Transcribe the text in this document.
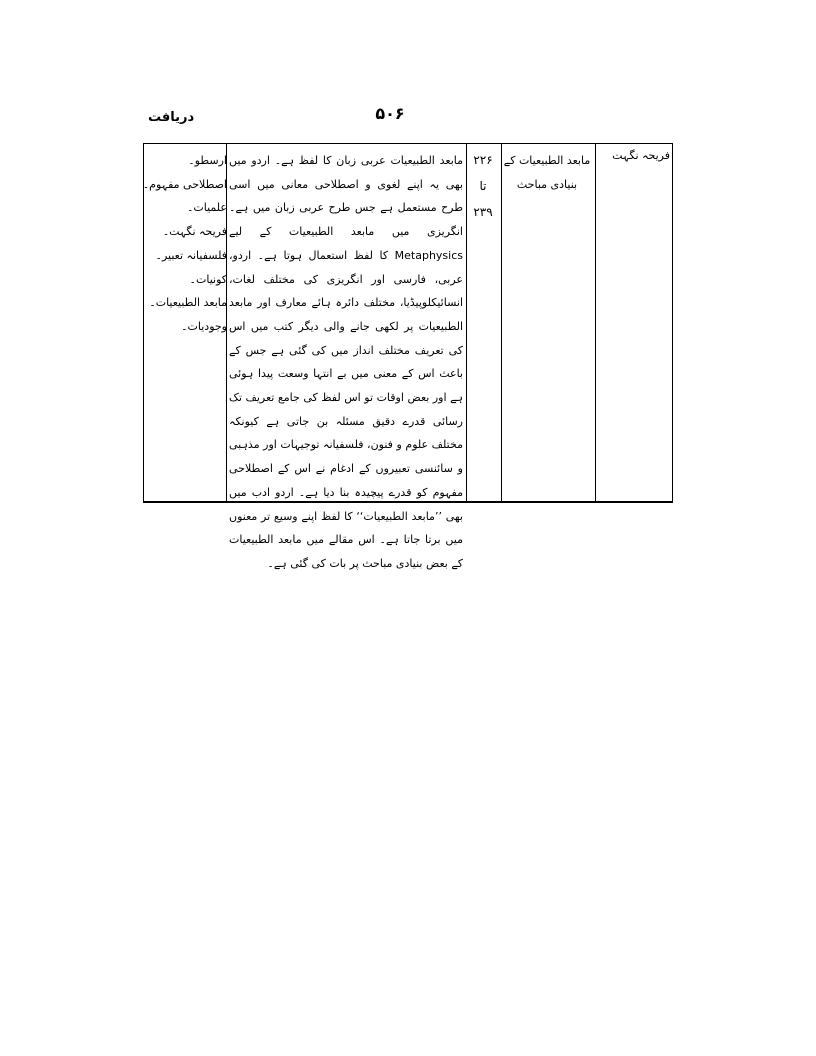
دریافت	۵۰۶
فریحہ نگہت
مابعد الطبیعیات کے بنیادی مباحث
۲۲۶
تا
۲۳۹
مابعد الطبیعیات عربی زبان کا لفظ ہے۔ اردو میں بھی یہ اپنے لغوی و اصطلاحی معانی میں اسی طرح مستعمل ہے جس طرح عربی زبان میں ہے۔ انگریزی میں مابعد الطبیعیات کے لیے Metaphysics کا لفظ استعمال ہوتا ہے۔ اردو، عربی، فارسی اور انگریزی کی مختلف لغات، انسائیکلوپیڈیا، مختلف دائرہ ہائے معارف اور مابعد الطبیعیات پر لکھی جانے والی دیگر کتب میں اس کی تعریف مختلف انداز میں کی گئی ہے جس کے باعث اس کے معنی میں بے انتہا وسعت پیدا ہوئی ہے اور بعض اوقات تو اس لفظ کی جامع تعریف تک رسائی قدرے دقیق مسئلہ بن جاتی ہے کیونکہ مختلف علوم و فنون، فلسفیانہ توجیہات اور مذہبی و سائنسی تعبیروں کے ادغام نے اس کے اصطلاحی مفہوم کو قدرے پیچیدہ بنا دیا ہے۔ اردو ادب میں بھی ’’مابعد الطبیعیات‘‘ کا لفظ اپنے وسیع تر معنوں میں برتا جاتا ہے۔ اس مقالے میں مابعد الطبیعیات کے بعض بنیادی مباحث پر بات کی گئی ہے۔
ارسطو۔
اصطلاحی مفہوم۔
علمیات۔
فریحہ نگہت۔
فلسفیانہ تعبیر۔
کونیات۔
مابعد الطبیعیات۔
وجودیات۔
